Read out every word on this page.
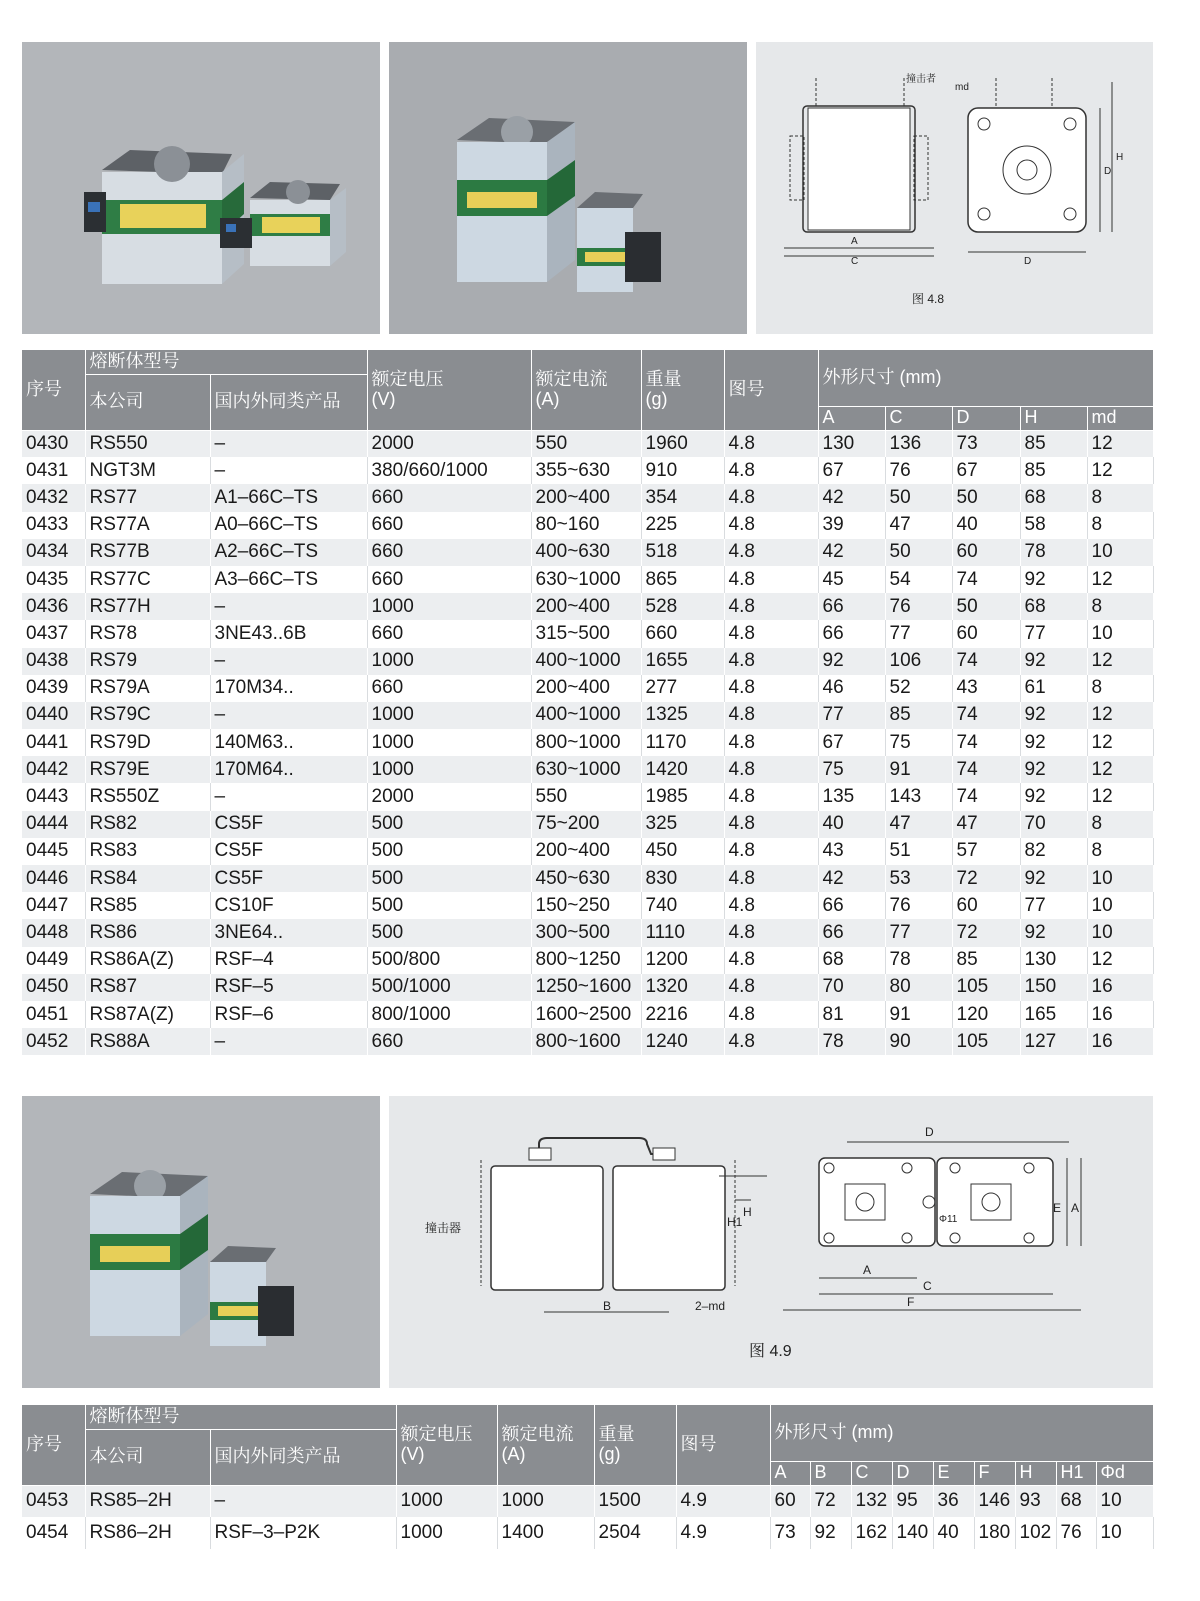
撞击者
md
A
C	D
D
H
图 4.8
序号	熔断体型号		额定电压
(V)	额定电流
(A)	重量
(g)	图号	外形尺寸 (mm)				
	本公司	国内外同类产品									
							A	C	D	H	md
0430	RS550	–	2000	550	1960	4.8	130	136	73	85	12
0431	NGT3M	–	380/660/1000	355~630	910	4.8	67	76	67	85	12
0432	RS77	A1–66C–TS	660	200~400	354	4.8	42	50	50	68	8
0433	RS77A	A0–66C–TS	660	80~160	225	4.8	39	47	40	58	8
0434	RS77B	A2–66C–TS	660	400~630	518	4.8	42	50	60	78	10
0435	RS77C	A3–66C–TS	660	630~1000	865	4.8	45	54	74	92	12
0436	RS77H	–	1000	200~400	528	4.8	66	76	50	68	8
0437	RS78	3NE43..6B	660	315~500	660	4.8	66	77	60	77	10
0438	RS79	–	1000	400~1000	1655	4.8	92	106	74	92	12
0439	RS79A	170M34..	660	200~400	277	4.8	46	52	43	61	8
0440	RS79C	–	1000	400~1000	1325	4.8	77	85	74	92	12
0441	RS79D	140M63..	1000	800~1000	1170	4.8	67	75	74	92	12
0442	RS79E	170M64..	1000	630~1000	1420	4.8	75	91	74	92	12
0443	RS550Z	–	2000	550	1985	4.8	135	143	74	92	12
0444	RS82	CS5F	500	75~200	325	4.8	40	47	47	70	8
0445	RS83	CS5F	500	200~400	450	4.8	43	51	57	82	8
0446	RS84	CS5F	500	450~630	830	4.8	42	53	72	92	10
0447	RS85	CS10F	500	150~250	740	4.8	66	76	60	77	10
0448	RS86	3NE64..	500	300~500	1110	4.8	66	77	72	92	10
0449	RS86A(Z)	RSF–4	500/800	800~1250	1200	4.8	68	78	85	130	12
0450	RS87	RSF–5	500/1000	1250~1600	1320	4.8	70	80	105	150	16
0451	RS87A(Z)	RSF–6	800/1000	1600~2500	2216	4.8	81	91	120	165	16
0452	RS88A	–	660	800~1600	1240	4.8	78	90	105	127	16
撞击器
B	2–md
H1
H
D
E A
A
C
F
Φ11
图 4.9
序号	熔断体型号		额定电压
(V)	额定电流
(A)	重量
(g)	图号	外形尺寸 (mm)								
	本公司	国内外同类产品													
							A	B	C	D	E	F	H	H1	Φd
0453	RS85–2H	–	1000	1000	1500	4.9	60	72	132	95	36	146	93	68	10
0454	RS86–2H	RSF–3–P2K	1000	1400	2504	4.9	73	92	162	140	40	180	102	76	10
